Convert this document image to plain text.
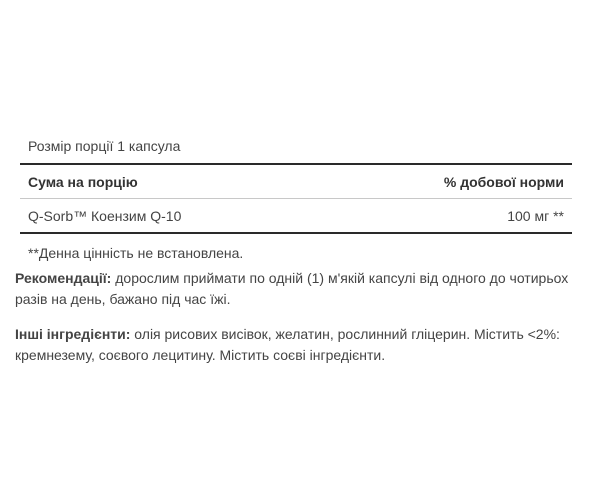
Розмір порції 1 капсула
Сума на порцію	% добової норми
Q-Sorb™ Коензим Q-10	100 мг **
**Денна цінність не встановлена.

Рекомендації: дорослим приймати по одній (1) м'якій капсулі від одного до чотирьох разів на день, бажано під час їжі.

Інші інгредієнти: олія рисових висівок, желатин, рослинний гліцерин. Містить <2%: кремнезему, соєвого лецитину. Містить соєві інгредієнти.
